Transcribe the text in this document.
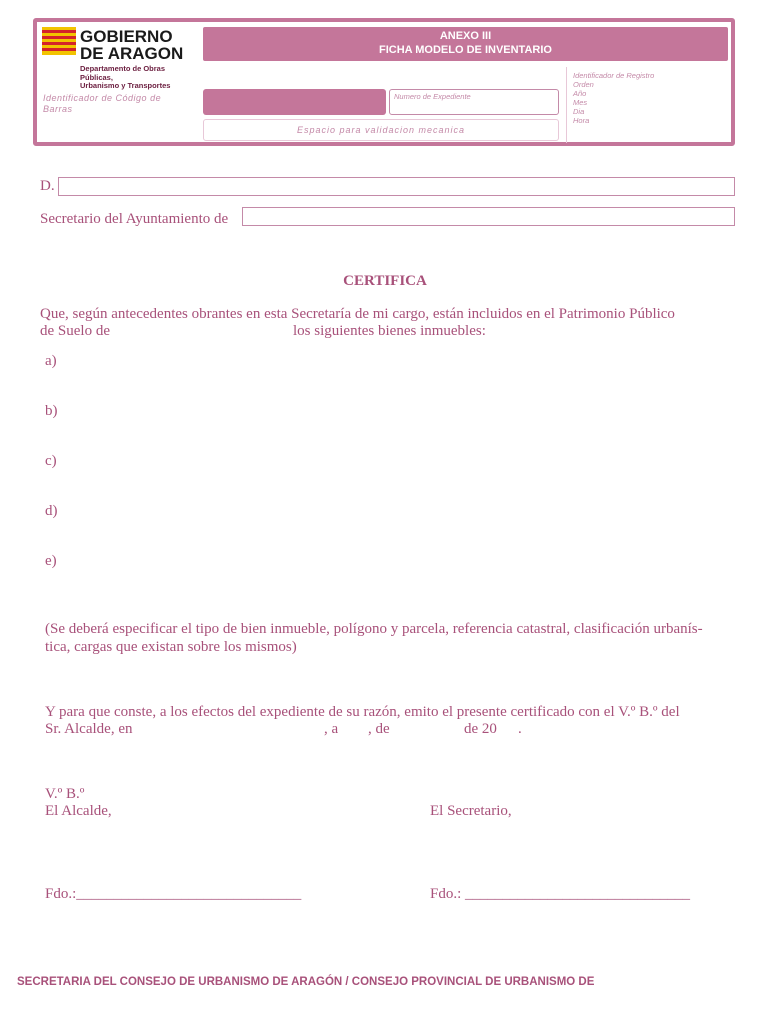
GOBIERNO
DE ARAGON
Departamento de Obras Públicas,
Urbanismo y Transportes
ANEXO III
FICHA MODELO DE INVENTARIO
Identificador de Código de Barras
Numero de Expediente
Espacio para validacion mecanica
Identificador de Registro
Orden
Año
Mes
Dia
Hora
D.
Secretario del Ayuntamiento de
CERTIFICA
Que, según antecedentes obrantes en esta Secretaría de mi cargo, están incluidos en el Patrimonio Público
de Suelo de	los siguientes bienes inmuebles:
a)
b)
c)
d)
e)
(Se deberá especificar el tipo de bien inmueble, polígono y parcela, referencia catastral, clasificación urbanís-
tica, cargas que existan sobre los mismos)
Y para que conste, a los efectos del expediente de su razón, emito el presente certificado con el V.º B.º del
Sr. Alcalde, en	, a , de	de 20 .
V.º B.º
El Alcalde,	El Secretario,
Fdo.:______________________________	Fdo.: ______________________________
SECRETARIA DEL CONSEJO DE URBANISMO DE ARAGÓN / CONSEJO PROVINCIAL DE URBANISMO DE
